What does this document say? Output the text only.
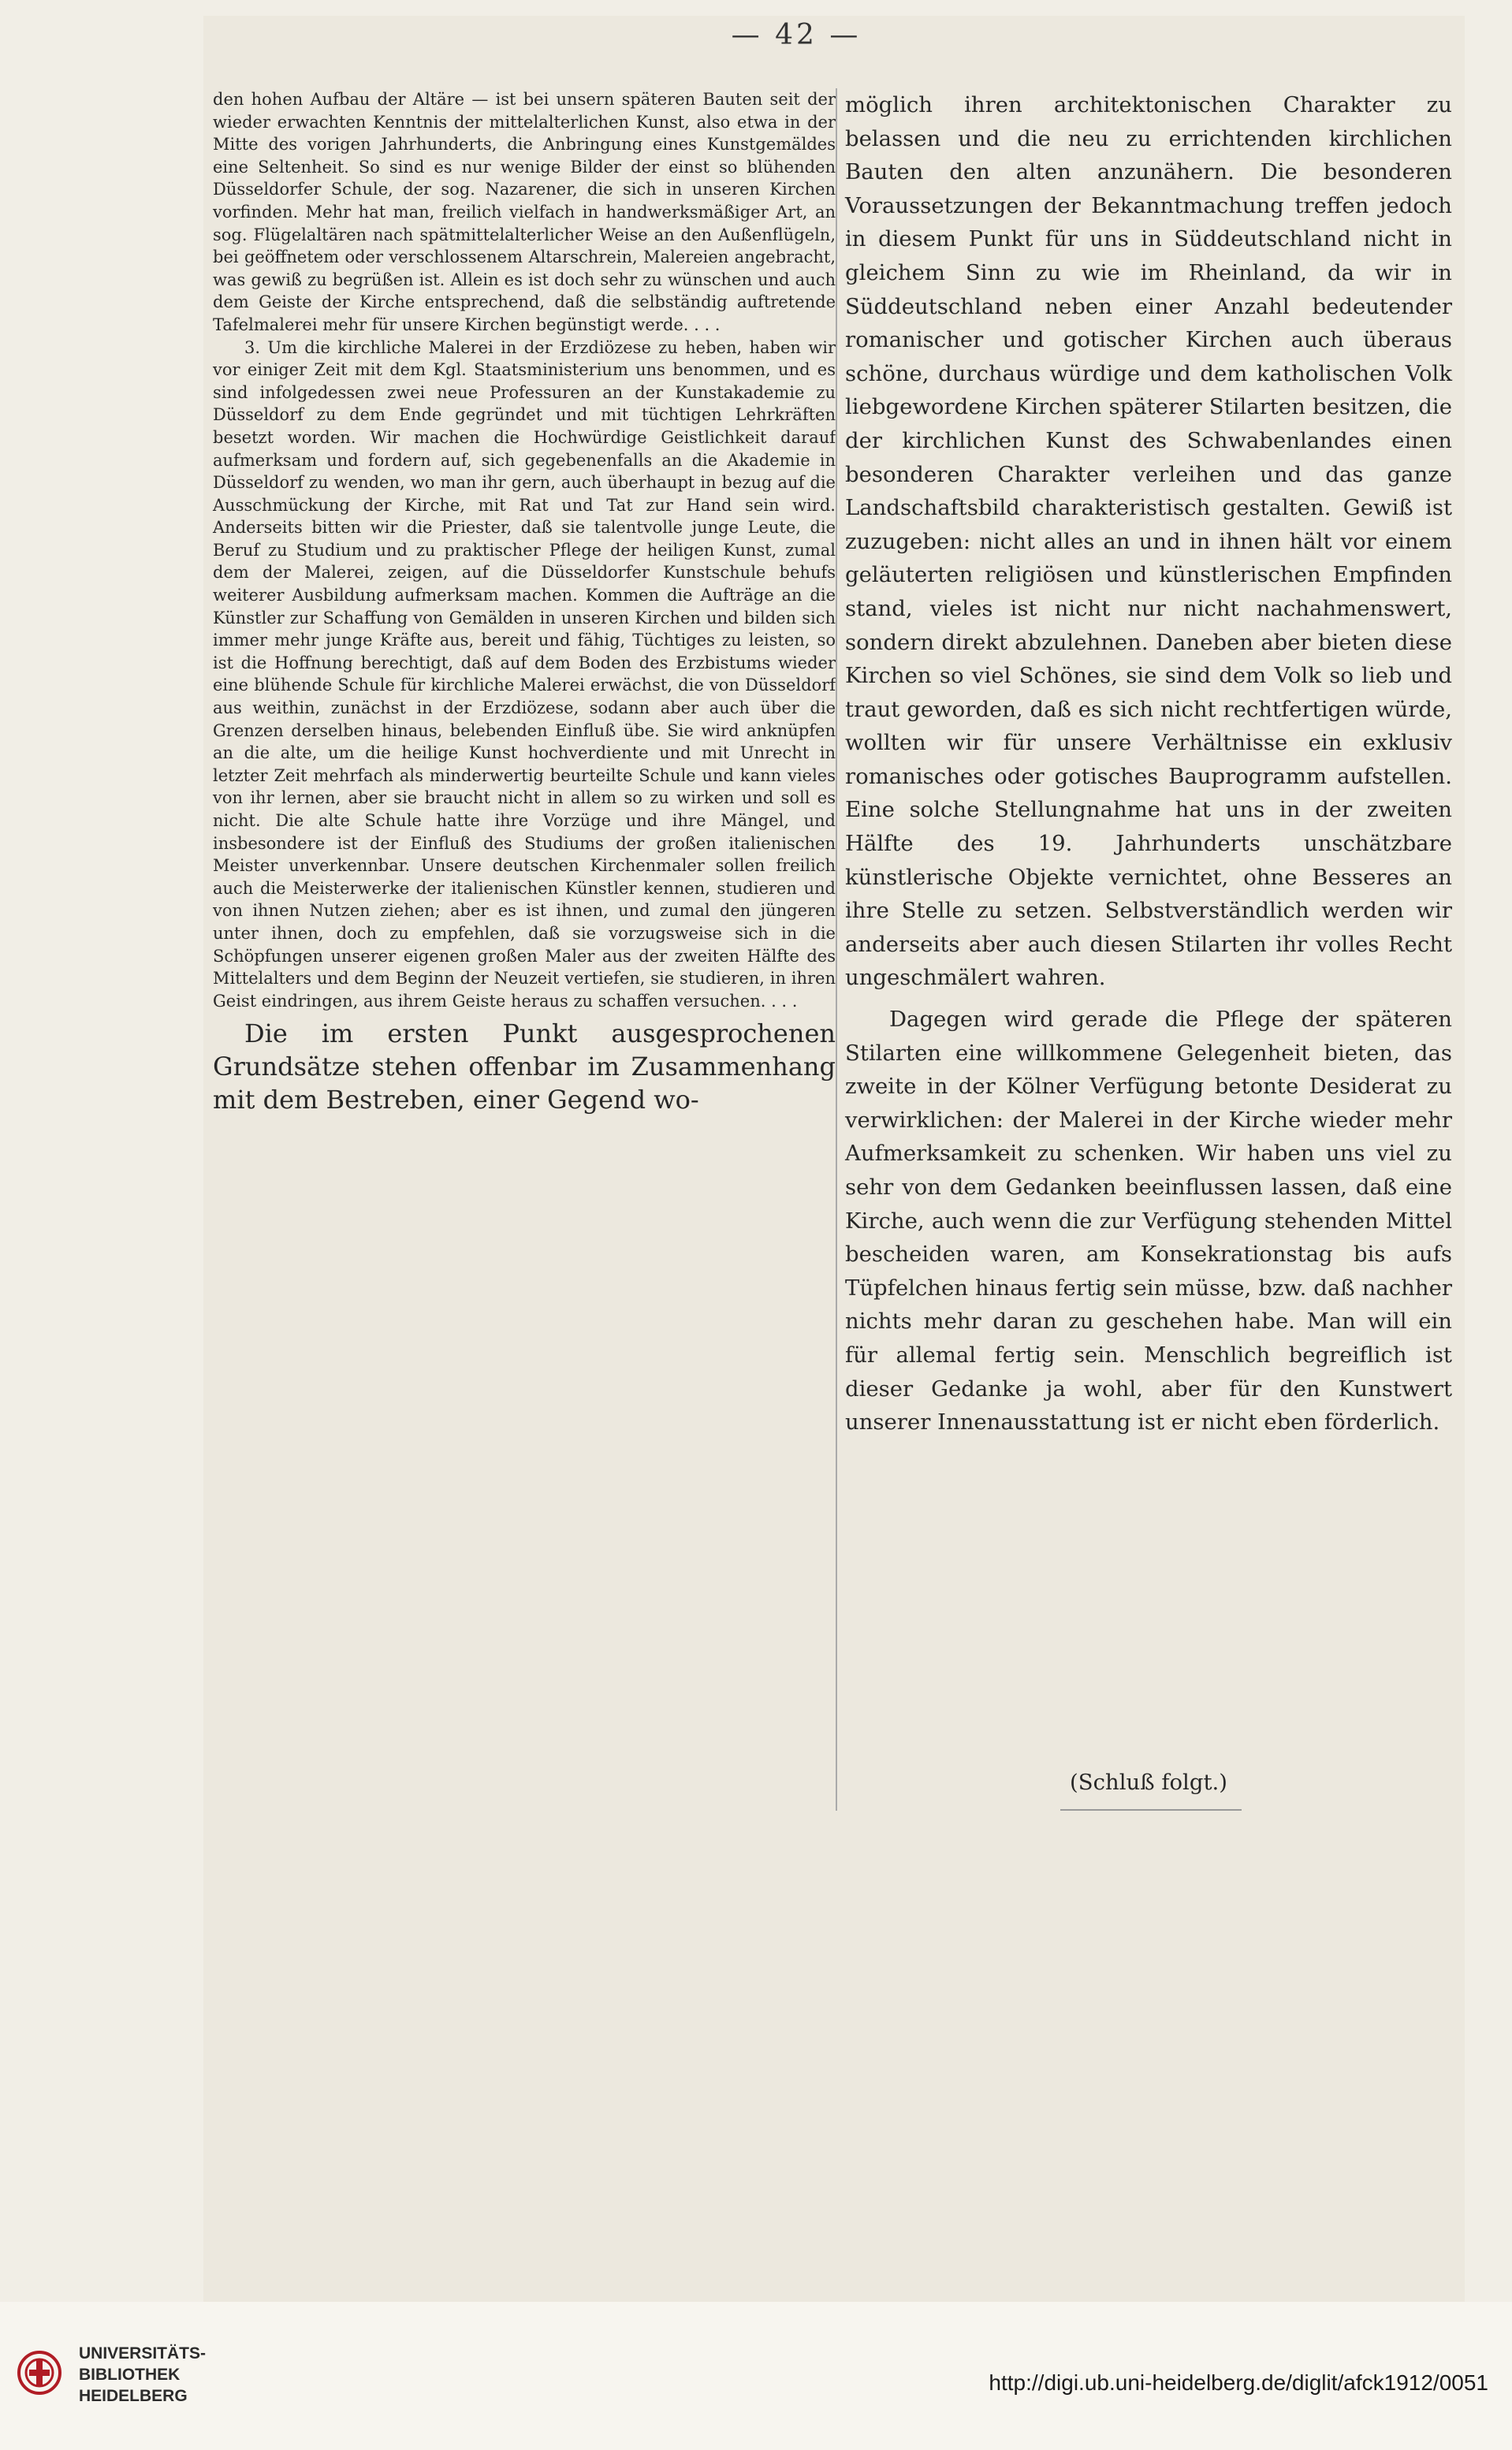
— 42 —

den hohen Aufbau der Altäre — ist bei unsern späteren Bauten seit der wieder erwachten Kenntnis der mittelalterlichen Kunst, also etwa in der Mitte des vorigen Jahrhunderts, die Anbringung eines Kunstgemäldes eine Seltenheit. So sind es nur wenige Bilder der einst so blühenden Düsseldorfer Schule, der sog. Nazarener, die sich in unseren Kirchen vorfinden. Mehr hat man, freilich vielfach in handwerksmäßiger Art, an sog. Flügelaltären nach spätmittelalterlicher Weise an den Außenflügeln, bei geöffnetem oder verschlossenem Altarschrein, Malereien angebracht, was gewiß zu begrüßen ist. Allein es ist doch sehr zu wünschen und auch dem Geiste der Kirche entsprechend, daß die selbständig auftretende Tafelmalerei mehr für unsere Kirchen begünstigt werde. . . .

3. Um die kirchliche Malerei in der Erzdiözese zu heben, haben wir vor einiger Zeit mit dem Kgl. Staatsministerium uns benommen, und es sind infolgedessen zwei neue Professuren an der Kunstakademie zu Düsseldorf zu dem Ende gegründet und mit tüchtigen Lehrkräften besetzt worden. Wir machen die Hochwürdige Geistlichkeit darauf aufmerksam und fordern auf, sich gegebenenfalls an die Akademie in Düsseldorf zu wenden, wo man ihr gern, auch überhaupt in bezug auf die Ausschmückung der Kirche, mit Rat und Tat zur Hand sein wird. Anderseits bitten wir die Priester, daß sie talentvolle junge Leute, die Beruf zu Studium und zu praktischer Pflege der heiligen Kunst, zumal dem der Malerei, zeigen, auf die Düsseldorfer Kunstschule behufs weiterer Ausbildung aufmerksam machen. Kommen die Aufträge an die Künstler zur Schaffung von Gemälden in unseren Kirchen und bilden sich immer mehr junge Kräfte aus, bereit und fähig, Tüchtiges zu leisten, so ist die Hoffnung berechtigt, daß auf dem Boden des Erzbistums wieder eine blühende Schule für kirchliche Malerei erwächst, die von Düsseldorf aus weithin, zunächst in der Erzdiözese, sodann aber auch über die Grenzen derselben hinaus, belebenden Einfluß übe. Sie wird anknüpfen an die alte, um die heilige Kunst hochverdiente und mit Unrecht in letzter Zeit mehrfach als minderwertig beurteilte Schule und kann vieles von ihr lernen, aber sie braucht nicht in allem so zu wirken und soll es nicht. Die alte Schule hatte ihre Vorzüge und ihre Mängel, und insbesondere ist der Einfluß des Studiums der großen italienischen Meister unverkennbar. Unsere deutschen Kirchenmaler sollen freilich auch die Meisterwerke der italienischen Künstler kennen, studieren und von ihnen Nutzen ziehen; aber es ist ihnen, und zumal den jüngeren unter ihnen, doch zu empfehlen, daß sie vorzugsweise sich in die Schöpfungen unserer eigenen großen Maler aus der zweiten Hälfte des Mittelalters und dem Beginn der Neuzeit vertiefen, sie studieren, in ihren Geist eindringen, aus ihrem Geiste heraus zu schaffen versuchen. . . .

Die im ersten Punkt ausgesprochenen Grundsätze stehen offenbar im Zusammenhang mit dem Bestreben, einer Gegend wo-

möglich ihren architektonischen Charakter zu belassen und die neu zu errichtenden kirchlichen Bauten den alten anzunähern. Die besonderen Voraussetzungen der Bekanntmachung treffen jedoch in diesem Punkt für uns in Süddeutschland nicht in gleichem Sinn zu wie im Rheinland, da wir in Süddeutschland neben einer Anzahl bedeutender romanischer und gotischer Kirchen auch überaus schöne, durchaus würdige und dem katholischen Volk liebgewordene Kirchen späterer Stilarten besitzen, die der kirchlichen Kunst des Schwabenlandes einen besonderen Charakter verleihen und das ganze Landschaftsbild charakteristisch gestalten. Gewiß ist zuzugeben: nicht alles an und in ihnen hält vor einem geläuterten religiösen und künstlerischen Empfinden stand, vieles ist nicht nur nicht nachahmenswert, sondern direkt abzulehnen. Daneben aber bieten diese Kirchen so viel Schönes, sie sind dem Volk so lieb und traut geworden, daß es sich nicht rechtfertigen würde, wollten wir für unsere Verhältnisse ein exklusiv romanisches oder gotisches Bauprogramm aufstellen. Eine solche Stellungnahme hat uns in der zweiten Hälfte des 19. Jahrhunderts unschätzbare künstlerische Objekte vernichtet, ohne Besseres an ihre Stelle zu setzen. Selbstverständlich werden wir anderseits aber auch diesen Stilarten ihr volles Recht ungeschmälert wahren.

Dagegen wird gerade die Pflege der späteren Stilarten eine willkommene Gelegenheit bieten, das zweite in der Kölner Verfügung betonte Desiderat zu verwirklichen: der Malerei in der Kirche wieder mehr Aufmerksamkeit zu schenken. Wir haben uns viel zu sehr von dem Gedanken beeinflussen lassen, daß eine Kirche, auch wenn die zur Verfügung stehenden Mittel bescheiden waren, am Konsekrationstag bis aufs Tüpfelchen hinaus fertig sein müsse, bzw. daß nachher nichts mehr daran zu geschehen habe. Man will ein für allemal fertig sein. Menschlich begreiflich ist dieser Gedanke ja wohl, aber für den Kunstwert unserer Innenausstattung ist er nicht eben förderlich.

(Schluß folgt.)
UNIVERSITÄTS-
BIBLIOTHEK
HEIDELBERG
http://digi.ub.uni-heidelberg.de/diglit/afck1912/0051
